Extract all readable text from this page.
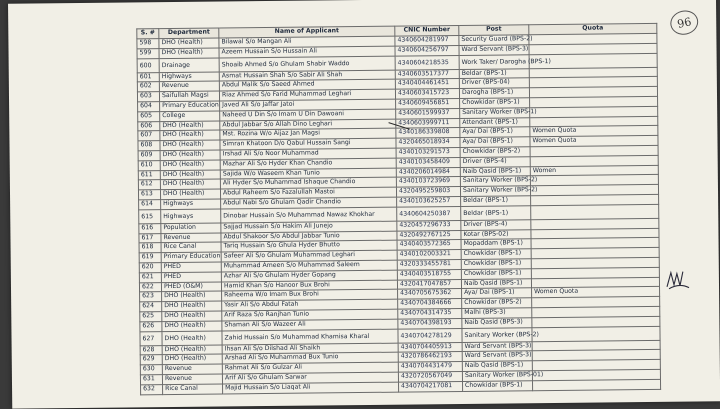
96
S. #	Department	Name of Applicant	CNIC Number	Post	Quota
598	DHO (Health)	Bilawal S/o Mangan Ali	4340604281997	Security Guard (BPS-2)	
599	DHO (Health)	Azeem Hussain S/o Hussain Ali	4340604256797	Ward Servant (BPS-3)	
600	Drainage	Shoaib Ahmed S/o Ghulam Shabir Waddo	4340604218535	Work Taker/ Darogha (BPS-1)	
601	Highways	Asmat Hussain Shah S/o Sabir Ali Shah	4340603517377	Beldar (BPS-1)	
602	Revenue	Abdul Malik S/o Saeed Ahmed	4340404461451	Driver (BPS-04)	
603	Saifullah Magsi	Riaz Ahmed S/o Farid Muhammad Leghari	4340603415723	Darogha (BPS-1)	
604	Primary Education	Javed Ali S/o Jaffar Jatoi	4340609456851	Chowkidar (BPS-1)	
605	College	Naheed U Din S/o Imam U Din Dawoani	4340601599937	Sanitary Worker (BPS-1)	
606	DHO (Health)	Abdul Jabbar S/o Allah Dino Leghari	4340603999711	Attendant (BPS-1)	
607	DHO (Health)	Mst. Rozina W/o Aijaz Jan Magsi	4340186339808	Aya/ Dai (BPS-1)	Women Quota
608	DHO (Health)	Simran Khatoon D/o Qabul Hussain Sangi	4320465018934	Aya/ Dai (BPS-1)	Women Quota
609	DHO (Health)	Irshad Ali S/o Noor Muhammad	4340103291573	Chowkidar (BPS-2)	
610	DHO (Health)	Mazhar Ali S/o Hyder Khan Chandio	4340103458409	Driver (BPS-4)	
611	DHO (Health)	Sajida W/o Waseem Khan Tunio	4340206014984	Naib Qasid (BPS-1)	Women
612	DHO (Health)	Ali Hyder S/o Muhammad Ishaque Chandio	4340103723969	Sanitary Worker (BPS-2)	
613	DHO (Health)	Abdul Raheem S/o Fazalullah Mastoi	4320495259803	Sanitary Worker (BPS-2)	
614	Highways	Abdul Nabi S/o Ghulam Qadir Chandio	4340103625257	Beldar (BPS-1)	
615	Highways	Dinobar Hussain S/o Muhammad Nawaz Khokhar	4340604250387	Beldar (BPS-1)	
616	Population	Sajjad Hussain S/o Hakim Ali Junejo	4320457296733	Driver (BPS-4)	
617	Revenue	Abdul Shakoor S/o Abdul Jabbar Tunio	4320492767125	Kotar (BPS-02)	
618	Rice Canal	Tariq Hussain S/o Ghula Hyder Bhutto	4340403572365	Mopaddam (BPS-1)	
619	Primary Education	Safeer Ali S/o Ghulam Muhammad Leghari	4340102003321	Chowkidar (BPS-1)	
620	PHED	Muhammad Ameen S/o Muhammad Saleem	4320333455781	Chowkidar (BPS-1)	
621	PHED	Azhar Ali S/o Ghulam Hyder Gopang	4340403518755	Chowkidar (BPS-1)	
622	PHED (O&M)	Hamid Khan S/o Hanoor Bux Brohi	4320417047857	Naib Qasid (BPS-1)	
623	DHO (Health)	Raheema W/o Imam Bux Brohi	4340705675362	Aya/ Dai (BPS-1)	Women Quota
624	DHO (Health)	Yasir Ali S/o Abdul Fatah	4340704384666	Chowkidar (BPS-2)	
625	DHO (Health)	Arif Raza S/o Ranjhan Tunio	4340704314735	Malhi (BPS-3)	
626	DHO (Health)	Shaman Ali S/o Wazeer Ali	4340704398193	Naib Qasid (BPS-3)	
627	DHO (Health)	Zahid Hussain S/o Muhammad Khamisa Kharal	4340704278129	Sanitary Worker (BPS-2)	
628	DHO (Health)	Ihsan Ali S/o Dilshad Ali Shaikh	4340704405913	Ward Servant (BPS-3)	
629	DHO (Health)	Arshad Ali S/o Muhammad Bux Tunio	4320786462193	Ward Servant (BPS-3)	
630	Revenue	Rahmat Ali S/o Gulzar Ali	4340704431479	Naib Qasid (BPS-1)	
631	Revenue	Arif Ali S/o Ghulam Sarwar	4320720567049	Sanitary Worker (BPS-01)	
632	Rice Canal	Majid Hussain S/o Liaqat Ali	4340704217081	Chowkidar (BPS-1)	
